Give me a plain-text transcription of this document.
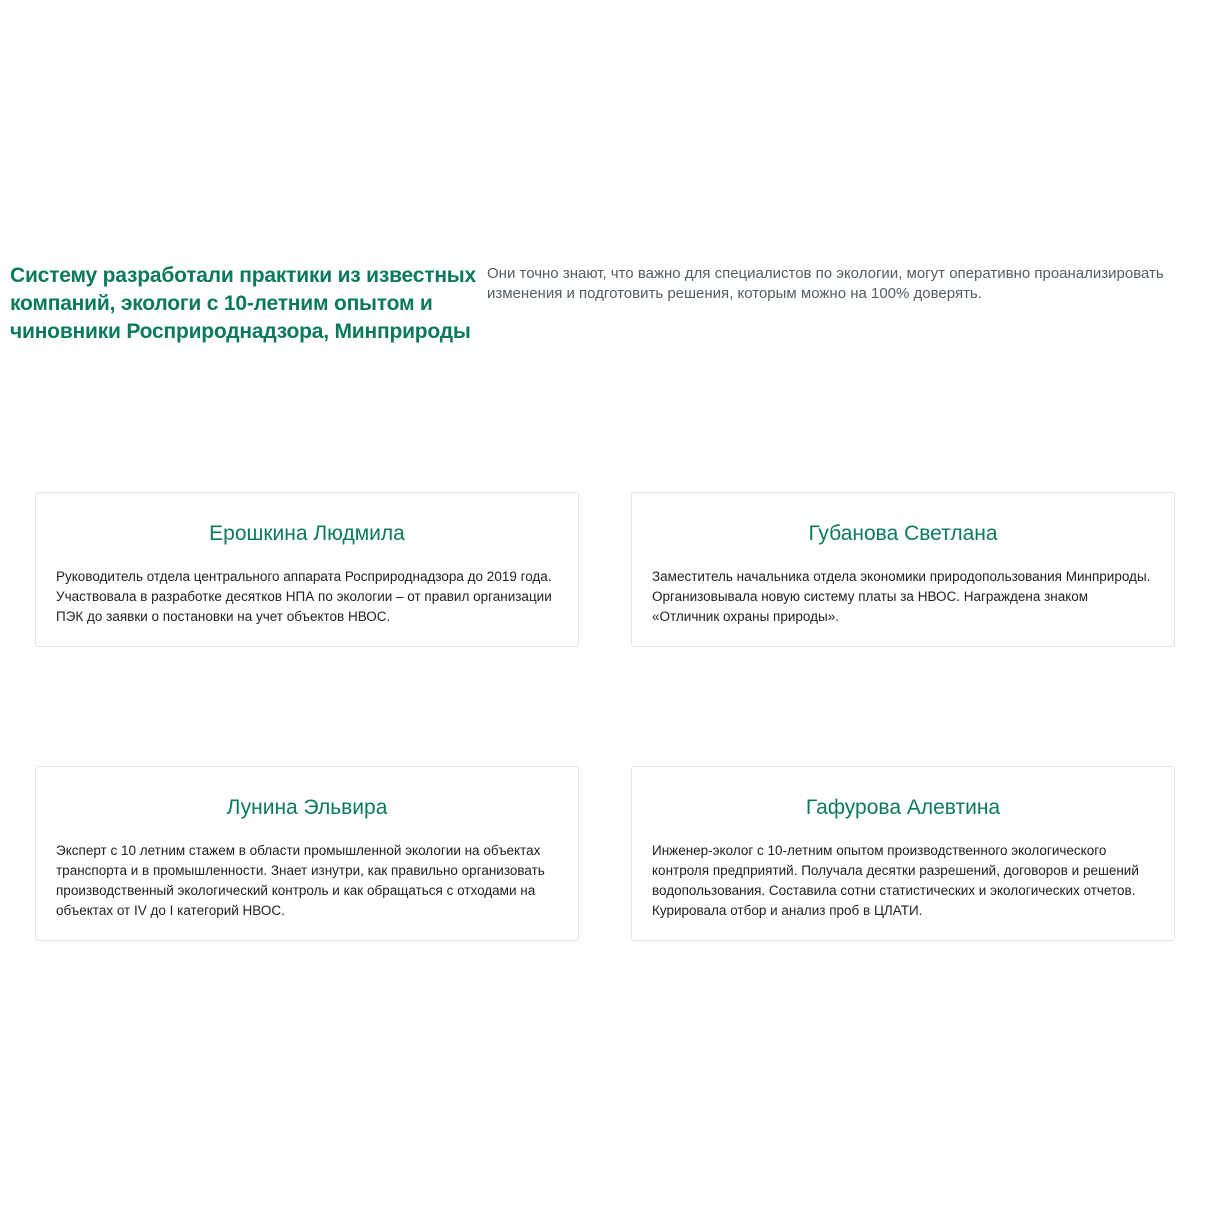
Систему разработали практики из известных компаний, экологи с 10-летним опытом и чиновники Росприроднадзора, Минприроды

Они точно знают, что важно для специалистов по экологии, могут оперативно проанализировать изменения и подготовить решения, которым можно на 100% доверять.

Ерошкина Людмила

Руководитель отдела центрального аппарата Росприроднадзора до 2019 года. Участвовала в разработке десятков НПА по экологии – от правил организации ПЭК до заявки о постановки на учет объектов НВОС.

Губанова Светлана

Заместитель начальника отдела экономики природопользования Минприроды. Организовывала новую систему платы за НВОС. Награждена знаком «Отличник охраны природы».

Лунина Эльвира

Эксперт с 10 летним стажем в области промышленной экологии на объектах транспорта и в промышленности. Знает изнутри, как правильно организовать производственный экологический контроль и как обращаться с отходами на объектах от IV до I категорий НВОС.

Гафурова Алевтина

Инженер-эколог с 10-летним опытом производственного экологического контроля предприятий. Получала десятки разрешений, договоров и решений водопользования. Составила сотни статистических и экологических отчетов. Курировала отбор и анализ проб в ЦЛАТИ.
